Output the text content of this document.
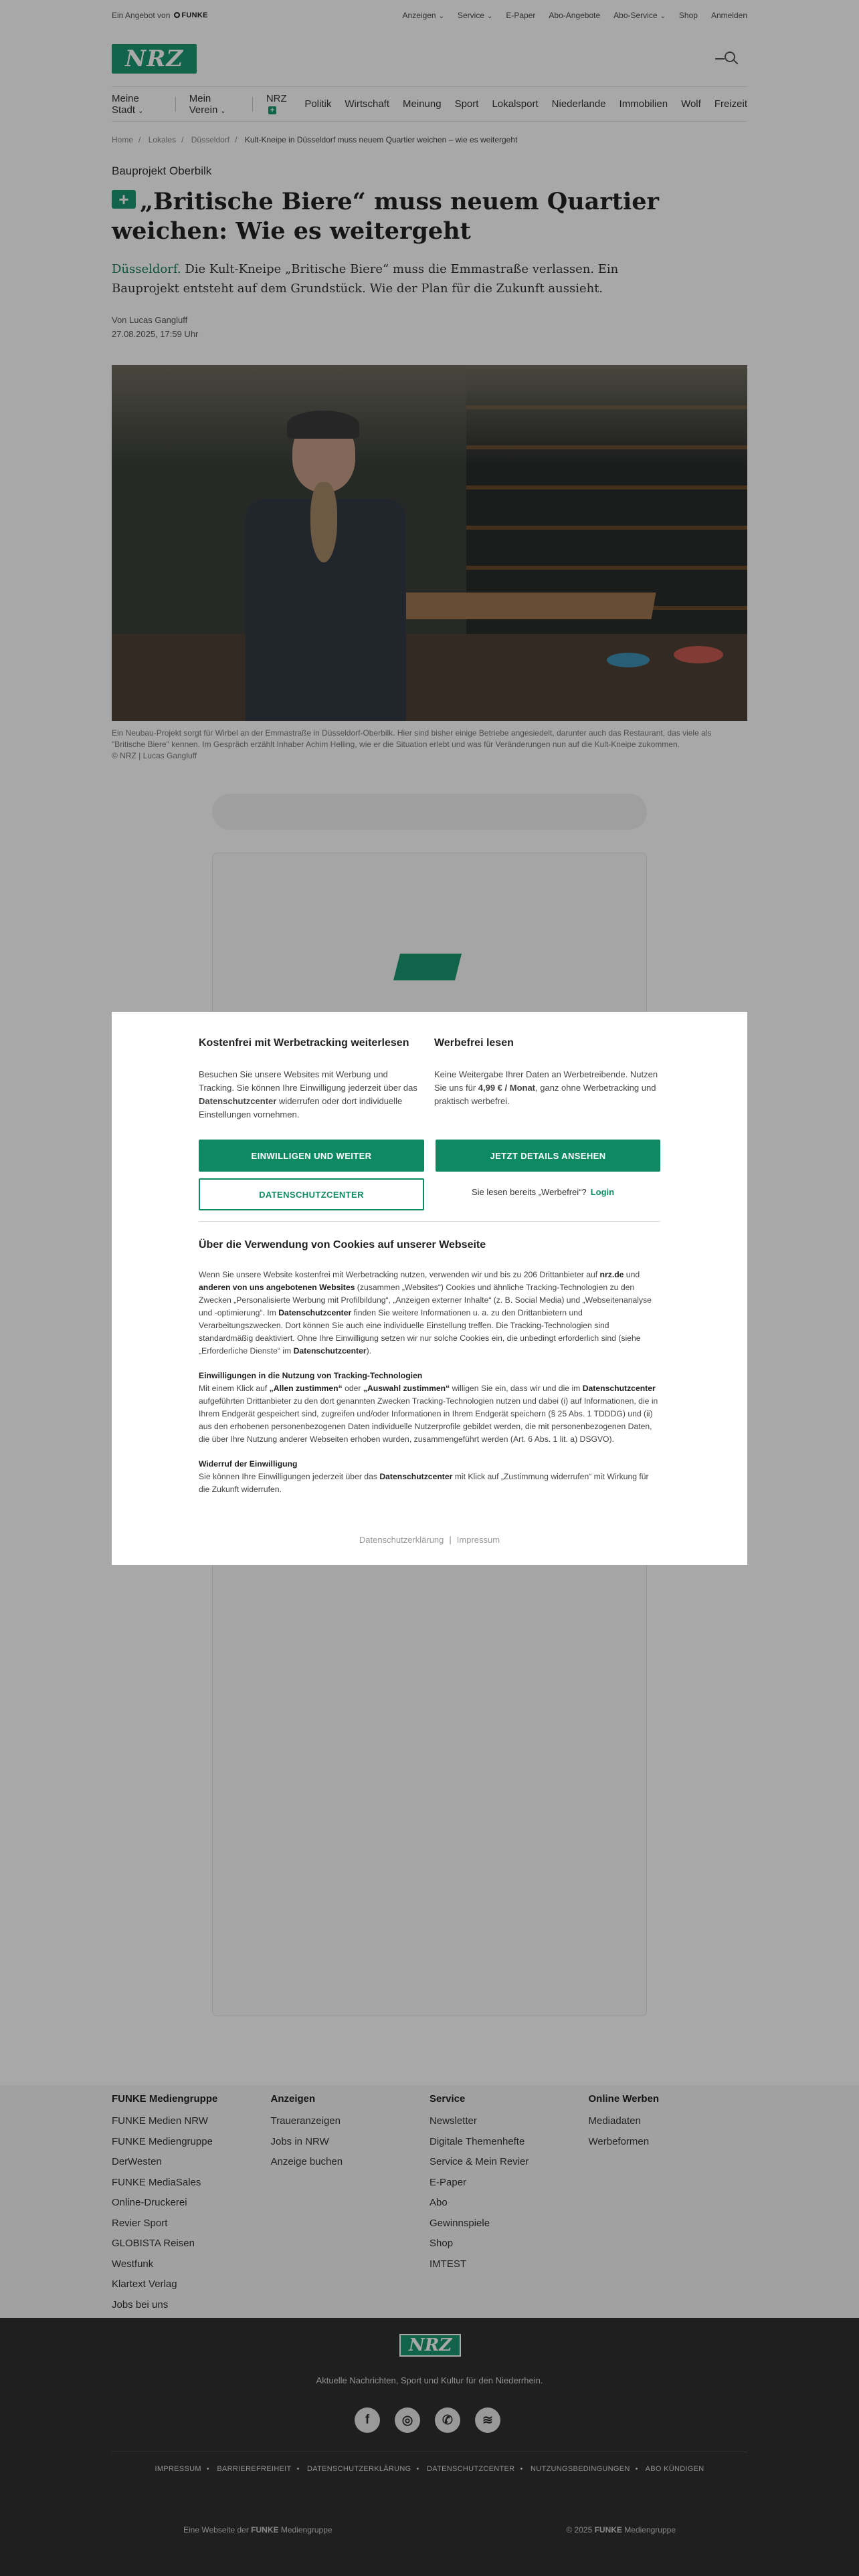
Ein Angebot von	FUNKE	Anzeigen ⌄	Service ⌄	E-Paper Abo-Angebote Abo-Service ⌄	Shop Anmelden
NRZ
Meine Stadt ⌄
Mein Verein ⌄
NRZ+
Politik Wirtschaft Meinung Sport Lokalsport Niederlande Immobilien Wolf Freizeit
Home / Lokales / Düsseldorf / Kult-Kneipe in Düsseldorf muss neuem Quartier weichen – wie es weitergeht
Bauprojekt Oberbilk
+ „Britische Biere“ muss neuem Quartier weichen: Wie es weitergeht
Düsseldorf. Die Kult-Kneipe „Britische Biere“ muss die Emmastraße verlassen. Ein Bauprojekt entsteht auf dem Grundstück. Wie der Plan für die Zukunft aussieht.
Von Lucas Gangluff
27.08.2025, 17:59 Uhr
Ein Neubau-Projekt sorgt für Wirbel an der Emmastraße in Düsseldorf-Oberbilk. Hier sind bisher einige Betriebe angesiedelt, darunter auch das Restaurant, das viele als "Britische Biere" kennen. Im Gespräch erzählt Inhaber Achim Helling, wie er die Situation erlebt und was für Veränderungen nun auf die Kult-Kneipe zukommen.
© NRZ | Lucas Gangluff
FUNKE Mediengruppe
FUNKE Medien NRW
FUNKE Mediengruppe
DerWesten
FUNKE MediaSales
Online-Druckerei
Revier Sport
GLOBISTA Reisen
Westfunk
Klartext Verlag
Jobs bei uns
Anzeigen
Traueranzeigen
Jobs in NRW
Anzeige buchen
Service
Newsletter
Digitale Themenhefte
Service & Mein Revier
E-Paper
Abo
Gewinnspiele
Shop
IMTEST
Online Werben
Mediadaten
Werbeformen
NRZ
Aktuelle Nachrichten, Sport und Kultur für den Niederrhein.
f	◎	✆	≋
IMPRESSUM • BARRIEREFREIHEIT • DATENSCHUTZERKLÄRUNG • DATENSCHUTZCENTER • NUTZUNGSBEDINGUNGEN • ABO KÜNDIGEN
Eine Webseite der FUNKE Mediengruppe	© 2025 FUNKE Mediengruppe
Kostenfrei mit Werbetracking weiterlesen

Besuchen Sie unsere Websites mit Werbung und Tracking. Sie können Ihre Einwilligung jederzeit über das Datenschutzcenter widerrufen oder dort individuelle Einstellungen vornehmen.

Werbefrei lesen

Keine Weitergabe Ihrer Daten an Werbetreibende. Nutzen Sie uns für 4,99 € / Monat, ganz ohne Werbetracking und praktisch werbefrei.

EINWILLIGEN UND WEITER	JETZT DETAILS ANSEHEN
DATENSCHUTZCENTER	Sie lesen bereits „Werbefrei“? Login
Über die Verwendung von Cookies auf unserer Webseite

Wenn Sie unsere Website kostenfrei mit Werbetracking nutzen, verwenden wir und bis zu 206 Drittanbieter auf nrz.de und anderen von uns angebotenen Websites (zusammen „Websites“) Cookies und ähnliche Tracking-Technologien zu den Zwecken „Personalisierte Werbung mit Profilbildung“, „Anzeigen externer Inhalte“ (z. B. Social Media) und „Webseitenanalyse und -optimierung“. Im Datenschutzcenter finden Sie weitere Informationen u. a. zu den Drittanbietern und Verarbeitungszwecken. Dort können Sie auch eine individuelle Einstellung treffen. Die Tracking-Technologien sind standardmäßig deaktiviert. Ohne Ihre Einwilligung setzen wir nur solche Cookies ein, die unbedingt erforderlich sind (siehe „Erforderliche Dienste“ im Datenschutzcenter).

Einwilligungen in die Nutzung von Tracking-Technologien
Mit einem Klick auf „Allen zustimmen“ oder „Auswahl zustimmen“ willigen Sie ein, dass wir und die im Datenschutzcenter aufgeführten Drittanbieter zu den dort genannten Zwecken Tracking-Technologien nutzen und dabei (i) auf Informationen, die in Ihrem Endgerät gespeichert sind, zugreifen und/oder Informationen in Ihrem Endgerät speichern (§ 25 Abs. 1 TDDDG) und (ii) aus den erhobenen personenbezogenen Daten individuelle Nutzerprofile gebildet werden, die mit personenbezogenen Daten, die über Ihre Nutzung anderer Webseiten erhoben wurden, zusammengeführt werden (Art. 6 Abs. 1 lit. a) DSGVO).

Widerruf der Einwilligung
Sie können Ihre Einwilligungen jederzeit über das Datenschutzcenter mit Klick auf „Zustimmung widerrufen“ mit Wirkung für die Zukunft widerrufen.

Datenschutzerklärung | Impressum
